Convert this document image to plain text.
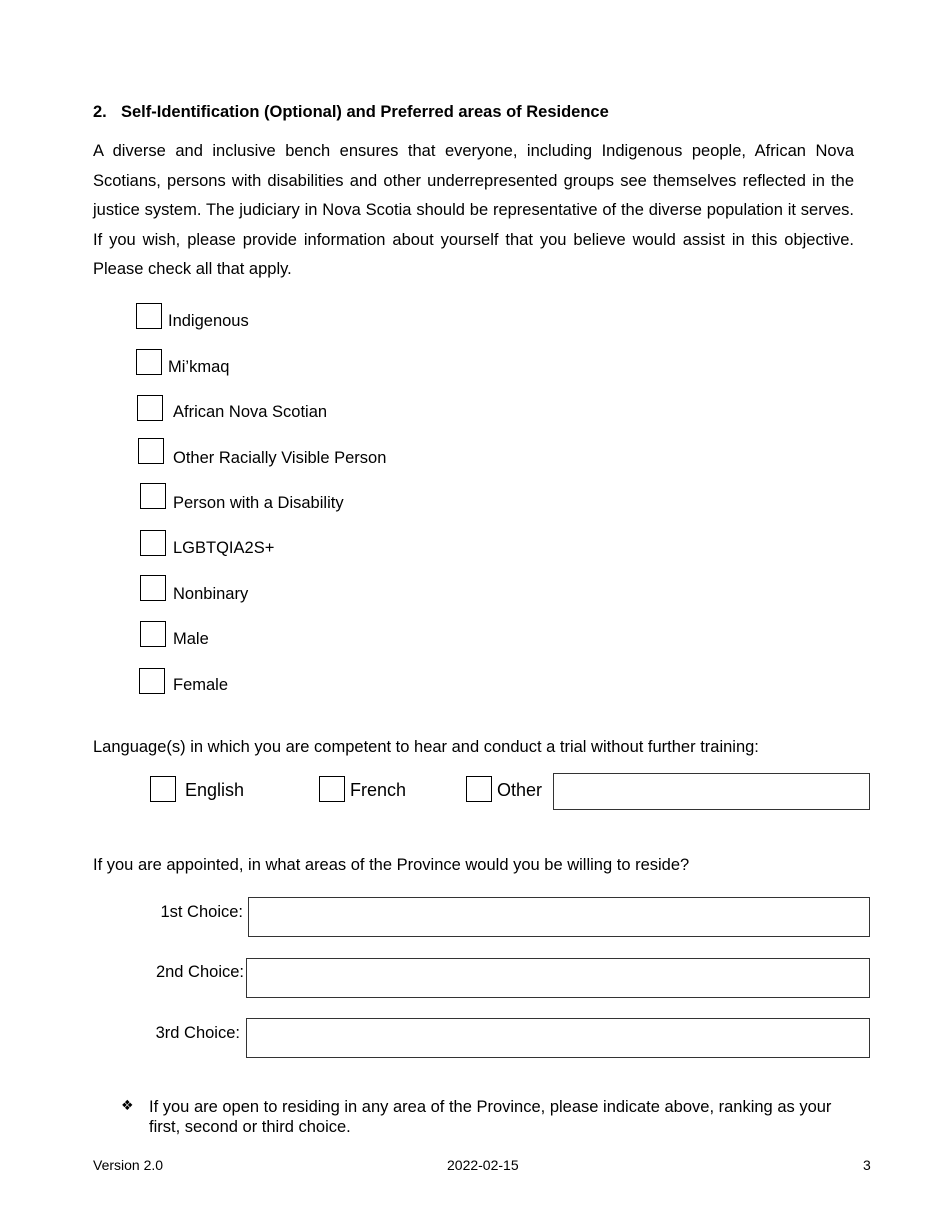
2. Self-Identification (Optional) and Preferred areas of Residence
A diverse and inclusive bench ensures that everyone, including Indigenous people, African Nova Scotians, persons with disabilities and other underrepresented groups see themselves reflected in the justice system. The judiciary in Nova Scotia should be representative of the diverse population it serves. If you wish, please provide information about yourself that you believe would assist in this objective. Please check all that apply.
Indigenous
Mi’kmaq
African Nova Scotian
Other Racially Visible Person
Person with a Disability
LGBTQIA2S+
Nonbinary
Male
Female
Language(s) in which you are competent to hear and conduct a trial without further training:
English	French	Other
If you are appointed, in what areas of the Province would you be willing to reside?
1st Choice:
2nd Choice:
3rd Choice:
❖ If you are open to residing in any area of the Province, please indicate above, ranking as your first, second or third choice.
Version 2.0	2022-02-15	3
